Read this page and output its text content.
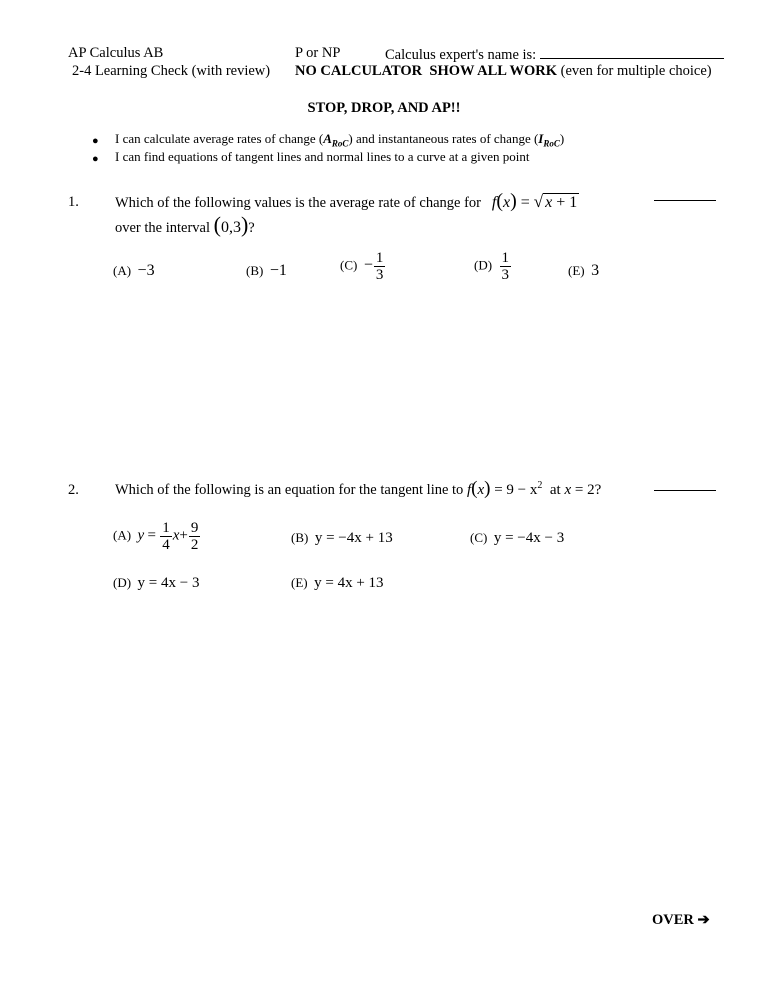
AP Calculus AB
2-4 Learning Check (with review)
P or NP	Calculus expert's name is:
NO CALCULATOR SHOW ALL WORK (even for multiple choice)
STOP, DROP, AND AP!!
● I can calculate average rates of change $(A_{RoC})$ and instantaneous rates of change $(I_{RoC})$
● I can find equations of tangent lines and normal lines to a curve at a given point
1. Which of the following values is the average rate of change for f(x) = √ x + 1
over the interval (0,3)?
(A) −3	(B) −1	$(C) - \frac{1}{3}$	$(D) \frac{1}{3}$	(E) 3
2. Which of the following is an equation for the tangent line to $f(x) = 9 - x^2$ at x = 2?
(A) $y = \frac{1}{4} x+ \frac{9}{2}$	(B) y = −4x + 13	(C) y = −4x − 3
(D) y = 4x − 3	(E) y = 4x + 13
OVER ➔
